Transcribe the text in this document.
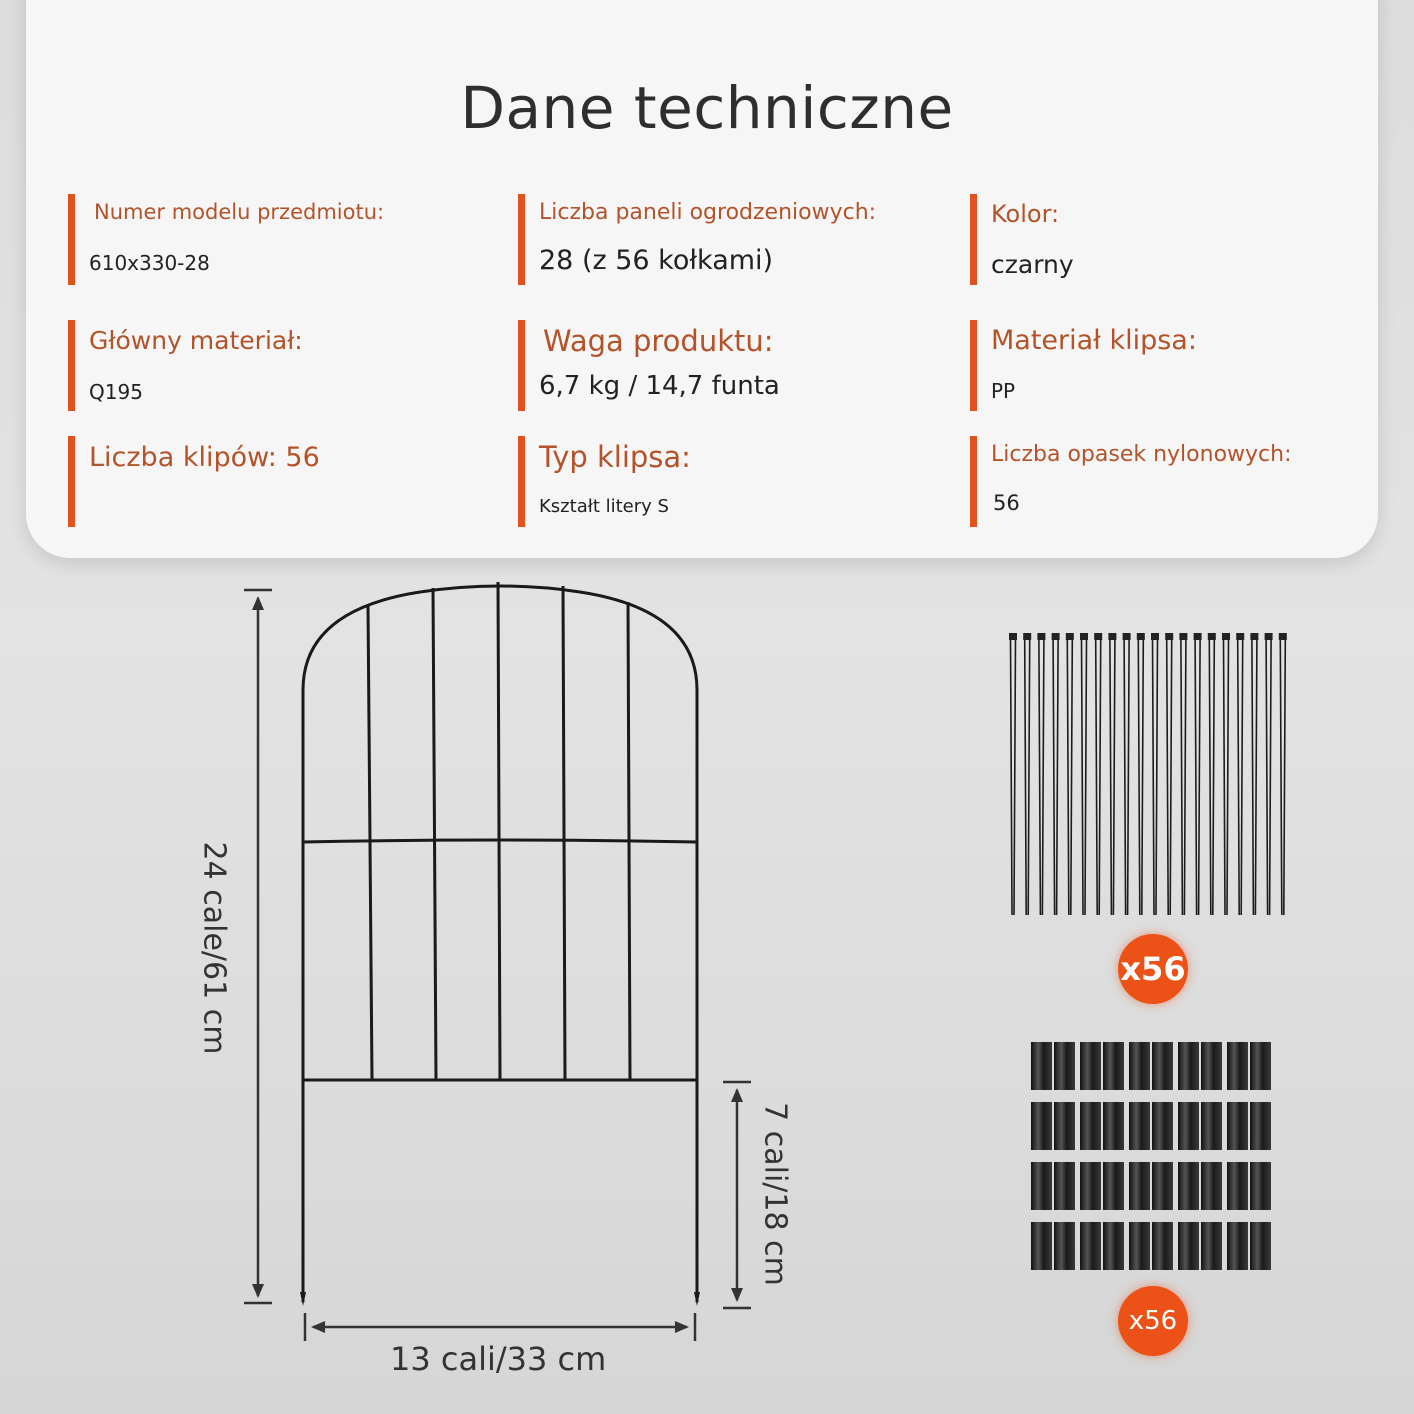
Dane techniczne
Numer modelu przedmiotu:
610x330-28
Liczba paneli ogrodzeniowych:
28 (z 56 kołkami)
Kolor:
czarny
Główny materiał:
Q195
Waga produktu:
6,7 kg / 14,7 funta
Materiał klipsa:
PP
Liczba klipów: 56	Typ klipsa:
Kształt litery S
Liczba opasek nylonowych:
56
24 cale/61 cm
7 cali/18 cm
13 cali/33 cm
x56
x56
